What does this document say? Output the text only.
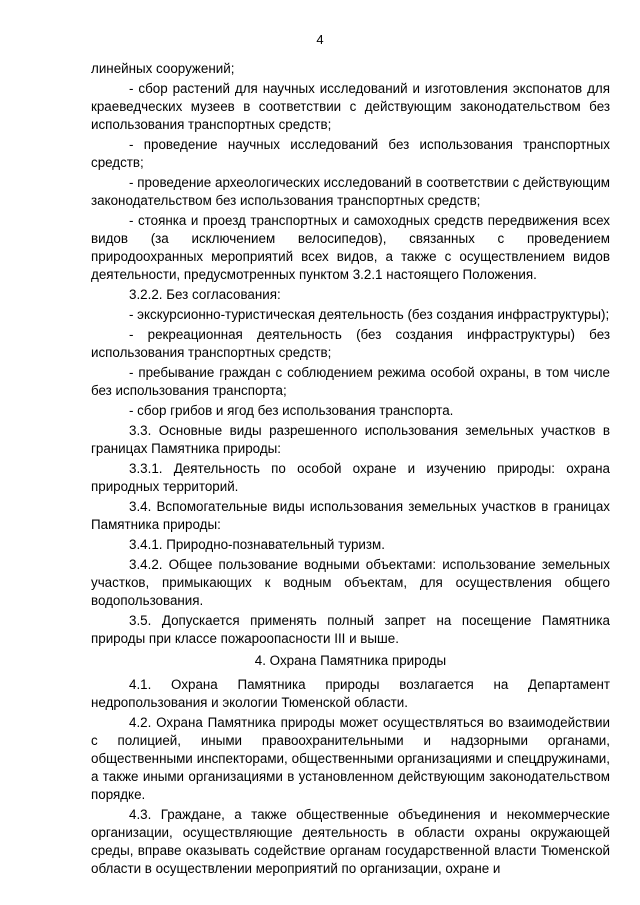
4

линейных сооружений;

- сбор растений для научных исследований и изготовления экспонатов для краеведческих музеев в соответствии с действующим законодательством без использования транспортных средств;

- проведение научных исследований без использования транспортных средств;

- проведение археологических исследований в соответствии с действующим законодательством без использования транспортных средств;

- стоянка и проезд транспортных и самоходных средств передвижения всех видов (за исключением велосипедов), связанных с проведением природоохранных мероприятий всех видов, а также с осуществлением видов деятельности, предусмотренных пунктом 3.2.1 настоящего Положения.

3.2.2. Без согласования:

- экскурсионно-туристическая деятельность (без создания инфраструктуры);

- рекреационная деятельность (без создания инфраструктуры) без использования транспортных средств;

- пребывание граждан с соблюдением режима особой охраны, в том числе без использования транспорта;

- сбор грибов и ягод без использования транспорта.

3.3. Основные виды разрешенного использования земельных участков в границах Памятника природы:

3.3.1. Деятельность по особой охране и изучению природы: охрана природных территорий.

3.4. Вспомогательные виды использования земельных участков в границах Памятника природы:

3.4.1. Природно-познавательный туризм.

3.4.2. Общее пользование водными объектами: использование земельных участков, примыкающих к водным объектам, для осуществления общего водопользования.

3.5. Допускается применять полный запрет на посещение Памятника природы при классе пожароопасности III и выше.

4. Охрана Памятника природы

4.1. Охрана Памятника природы возлагается на Департамент недропользования и экологии Тюменской области.

4.2. Охрана Памятника природы может осуществляться во взаимодействии с полицией, иными правоохранительными и надзорными органами, общественными инспекторами, общественными организациями и спецдружинами, а также иными организациями в установленном действующим законодательством порядке.

4.3. Граждане, а также общественные объединения и некоммерческие организации, осуществляющие деятельность в области охраны окружающей среды, вправе оказывать содействие органам государственной власти Тюменской области в осуществлении мероприятий по организации, охране и
